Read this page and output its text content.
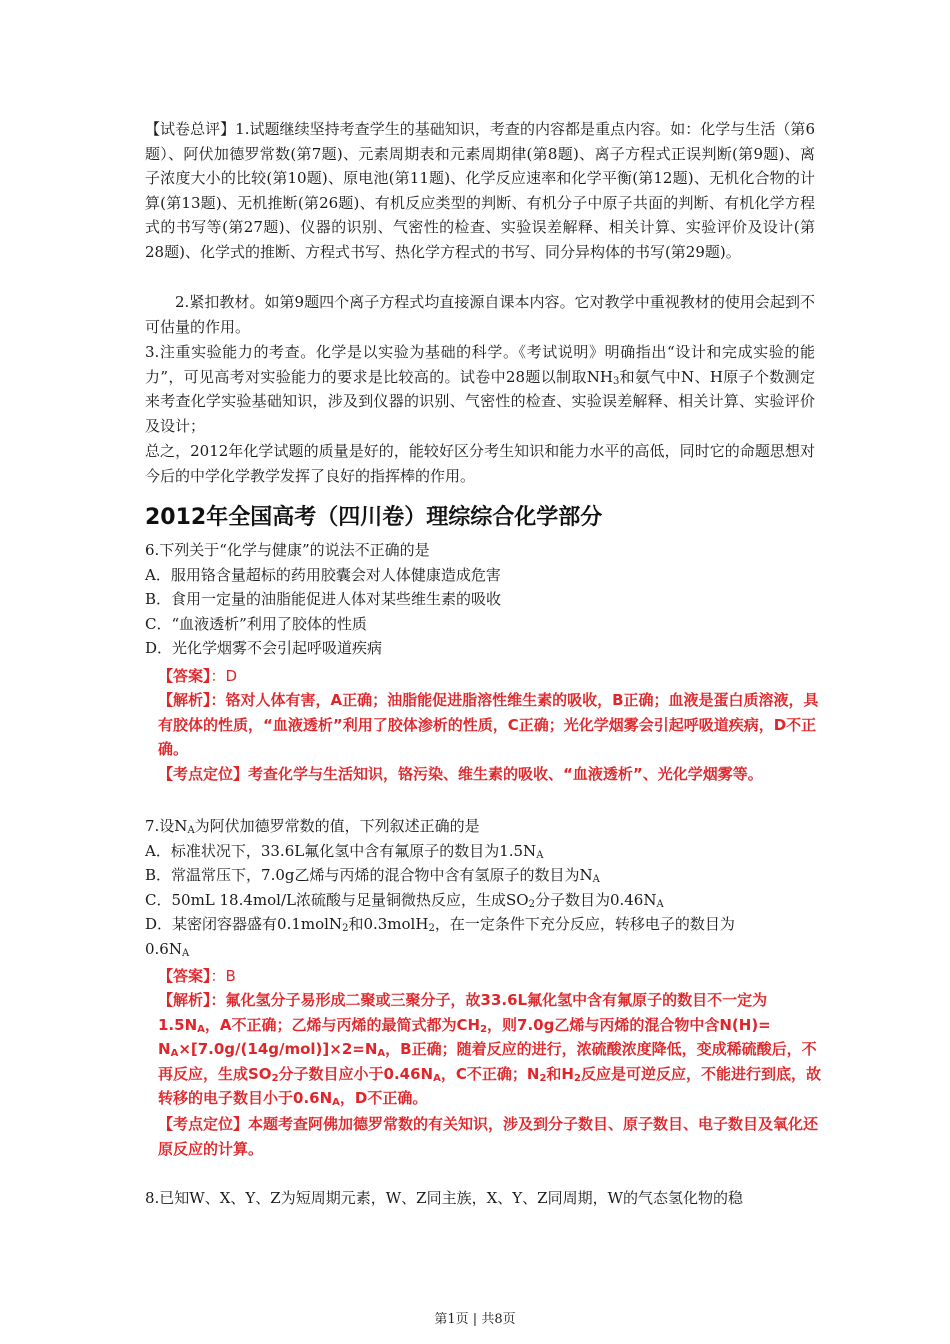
【试卷总评】1.试题继续坚持考查学生的基础知识，考查的内容都是重点内容。如：化学与生活（第6题）、阿伏加德罗常数(第7题)、元素周期表和元素周期律(第8题)、离子方程式正误判断(第9题)、离子浓度大小的比较(第10题)、原电池(第11题)、化学反应速率和化学平衡(第12题)、无机化合物的计算(第13题)、无机推断(第26题)、有机反应类型的判断、有机分子中原子共面的判断、有机化学方程式的书写等(第27题)、仪器的识别、气密性的检查、实验误差解释、相关计算、实验评价及设计(第28题)、化学式的推断、方程式书写、热化学方程式的书写、同分异构体的书写(第29题)。

2.紧扣教材。如第9题四个离子方程式均直接源自课本内容。它对教学中重视教材的使用会起到不可估量的作用。

3.注重实验能力的考查。化学是以实验为基础的科学。《考试说明》明确指出“设计和完成实验的能力”，可见高考对实验能力的要求是比较高的。试卷中28题以制取$NH_3$和氨气中N、H原子个数测定来考查化学实验基础知识，涉及到仪器的识别、气密性的检查、实验误差解释、相关计算、实验评价及设计；

总之，2012年化学试题的质量是好的，能较好区分考生知识和能力水平的高低，同时它的命题思想对今后的中学化学教学发挥了良好的指挥棒的作用。

2012年全国高考（四川卷）理综综合化学部分
6.下列关于“化学与健康”的说法不正确的是
A．服用铬含量超标的药用胶囊会对人体健康造成危害
B．食用一定量的油脂能促进人体对某些维生素的吸收
C．“血液透析”利用了胶体的性质
D．光化学烟雾不会引起呼吸道疾病

【答案】：D

【解析】：铬对人体有害，A正确；油脂能促进脂溶性维生素的吸收，B正确；血液是蛋白质溶液，具有胶体的性质，“血液透析”利用了胶体渗析的性质，C正确；光化学烟雾会引起呼吸道疾病，D不正确。

【考点定位】考查化学与生活知识，铬污染、维生素的吸收、“血液透析”、光化学烟雾等。

7.设$N_A$为阿伏加德罗常数的值，下列叙述正确的是
A．标准状况下，33.6L氟化氢中含有氟原子的数目为$1.5N_A$
B．常温常压下，7.0g乙烯与丙烯的混合物中含有氢原子的数目为$N_A$
C．50mL 18.4mol/L浓硫酸与足量铜微热反应，生成$SO_2$分子数目为$0.46N_A$
D．某密闭容器盛有0.1molN$_2$和0.3molH$_2$，在一定条件下充分反应，转移电子的数目为
$0.6N_A$

【答案】：B

【解析】：氟化氢分子易形成二聚或三聚分子，故33.6L氟化氢中含有氟原子的数目不一定为$1.5N_A$，A不正确；乙烯与丙烯的最简式都为$CH_2$，则7.0g乙烯与丙烯的混合物中含$N(H)= N_A\times[7.0g/(14g/mol)]\times 2=N_A$，B正确；随着反应的进行，浓硫酸浓度降低，变成稀硫酸后，不再反应，生成$SO_2$分子数目应小于$0.46N_A$，C不正确；$N_2$和$H_2$反应是可逆反应，不能进行到底，故转移的电子数目小于$0.6N_A$，D不正确。

【考点定位】本题考查阿佛加德罗常数的有关知识，涉及到分子数目、原子数目、电子数目及氧化还原反应的计算。

8.已知W、X、Y、Z为短周期元素，W、Z同主族，X、Y、Z同周期，W的气态氢化物的稳

第1页 | 共8页
